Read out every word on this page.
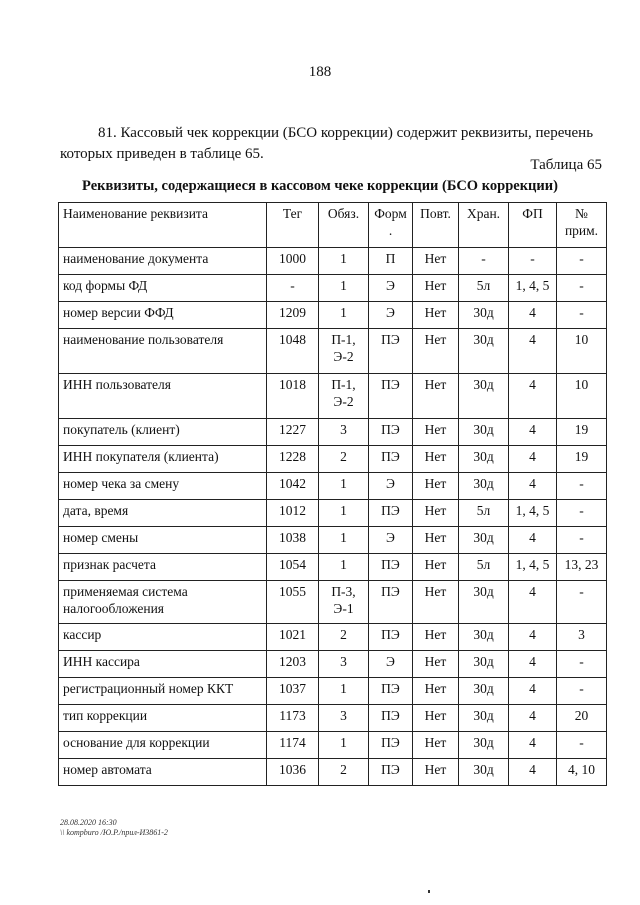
188
81. Кассовый чек коррекции (БСО коррекции) содержит реквизиты, перечень
которых приведен в таблице 65.
Таблица 65
Реквизиты, содержащиеся в кассовом чеке коррекции (БСО коррекции)
Наименование реквизита	Тег	Обяз.	Форм .	Повт.	Хран.	ФП	№ прим.
наименование документа	1000	1	П	Нет	-	-	-
код формы ФД	-	1	Э	Нет	5л	1, 4, 5	-
номер версии ФФД	1209	1	Э	Нет	30д	4	-
наименование пользователя	1048	П-1, Э-2	ПЭ	Нет	30д	4	10
ИНН пользователя	1018	П-1, Э-2	ПЭ	Нет	30д	4	10
покупатель (клиент)	1227	3	ПЭ	Нет	30д	4	19
ИНН покупателя (клиента)	1228	2	ПЭ	Нет	30д	4	19
номер чека за смену	1042	1	Э	Нет	30д	4	-
дата, время	1012	1	ПЭ	Нет	5л	1, 4, 5	-
номер смены	1038	1	Э	Нет	30д	4	-
признак расчета	1054	1	ПЭ	Нет	5л	1, 4, 5	13, 23
применяемая система налогообложения	1055	П-3, Э-1	ПЭ	Нет	30д	4	-
кассир	1021	2	ПЭ	Нет	30д	4	3
ИНН кассира	1203	3	Э	Нет	30д	4	-
регистрационный номер ККТ	1037	1	ПЭ	Нет	30д	4	-
тип коррекции	1173	3	ПЭ	Нет	30д	4	20
основание для коррекции	1174	1	ПЭ	Нет	30д	4	-
номер автомата	1036	2	ПЭ	Нет	30д	4	4, 10
28.08.2020 16:30
\\ kompburo /Ю.Р./прил-ИЗ861-2
